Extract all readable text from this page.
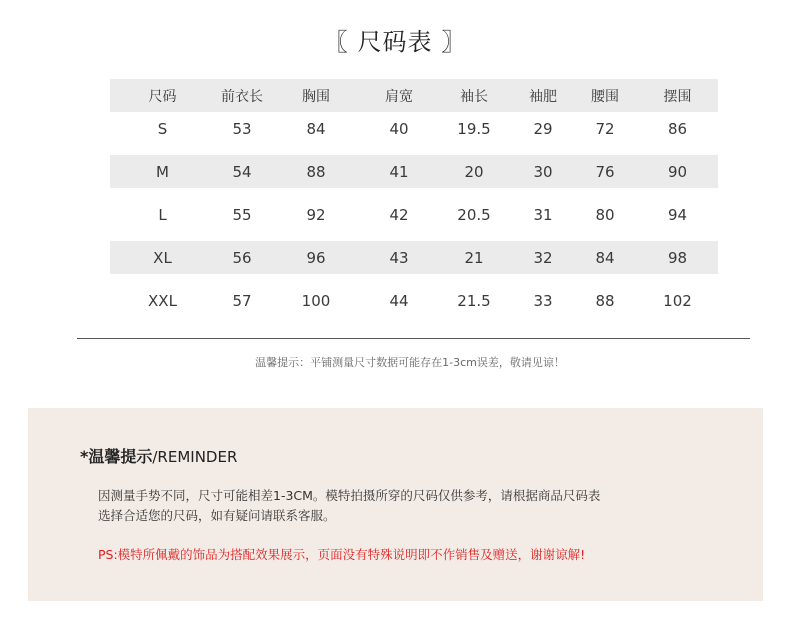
〖 尺码表 〗
尺码	前衣长	胸围	肩宽	袖长	袖肥	腰围	摆围
S	53	84	40	19.5	29	72	86

M	54	88	41	20	30	76	90

L	55	92	42	20.5	31	80	94

XL	56	96	43	21	32	84	98

XXL	57	100	44	21.5	33	88	102
温馨提示：平铺测量尺寸数据可能存在1-3cm误差，敬请见谅！
*温馨提示/REMINDER
因测量手势不同，尺寸可能相差1-3CM。模特拍摄所穿的尺码仅供参考，请根据商品尺码表
选择合适您的尺码，如有疑问请联系客服。
PS:模特所佩戴的饰品为搭配效果展示，页面没有特殊说明即不作销售及赠送，谢谢谅解!
